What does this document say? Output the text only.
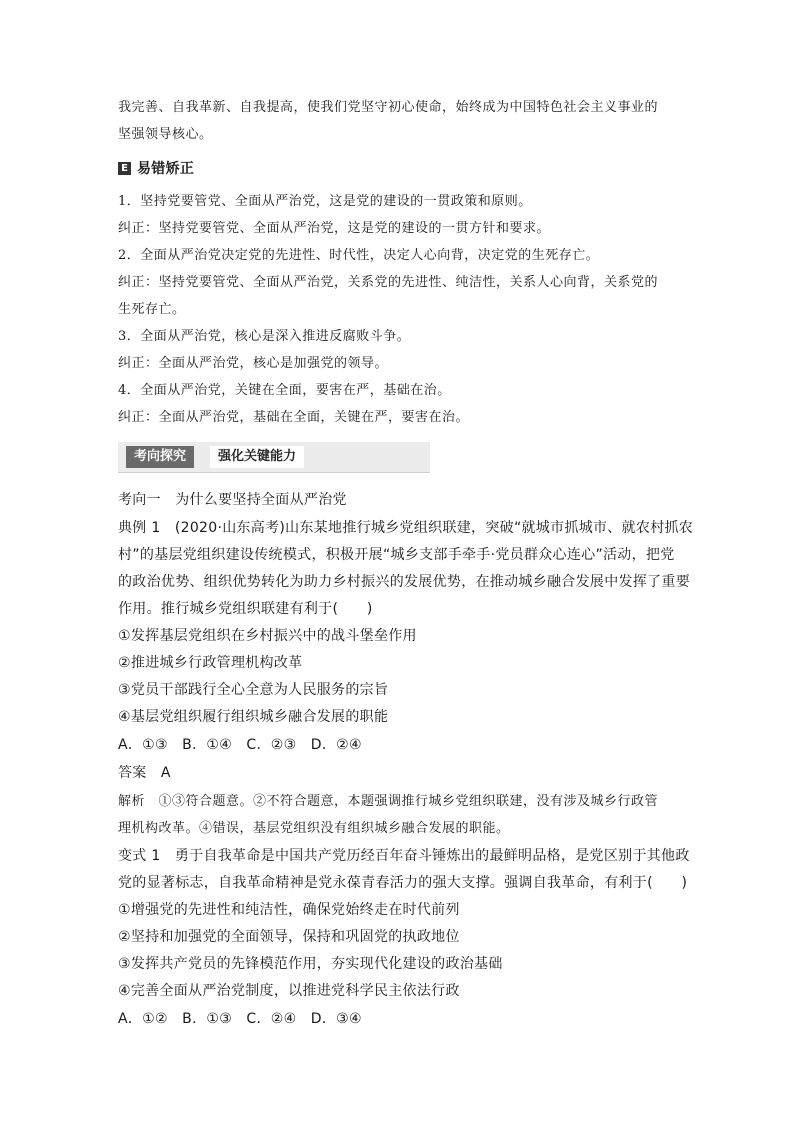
我完善、自我革新、自我提高，使我们党坚守初心使命，始终成为中国特色社会主义事业的
坚强领导核心。
E 易错矫正
1．坚持党要管党、全面从严治党，这是党的建设的一贯政策和原则。
纠正：坚持党要管党、全面从严治党，这是党的建设的一贯方针和要求。
2．全面从严治党决定党的先进性、时代性，决定人心向背，决定党的生死存亡。
纠正：坚持党要管党、全面从严治党，关系党的先进性、纯洁性，关系人心向背，关系党的
生死存亡。
3．全面从严治党，核心是深入推进反腐败斗争。
纠正：全面从严治党，核心是加强党的领导。
4．全面从严治党，关键在全面，要害在严，基础在治。
纠正：全面从严治党，基础在全面，关键在严，要害在治。
考向探究	强化关键能力
考向一　为什么要坚持全面从严治党
典例 1　(2020·山东高考)山东某地推行城乡党组织联建，突破“就城市抓城市、就农村抓农
村”的基层党组织建设传统模式，积极开展“城乡支部手牵手·党员群众心连心”活动，把党
的政治优势、组织优势转化为助力乡村振兴的发展优势，在推动城乡融合发展中发挥了重要
作用。推行城乡党组织联建有利于(　　)
①发挥基层党组织在乡村振兴中的战斗堡垒作用
②推进城乡行政管理机构改革
③党员干部践行全心全意为人民服务的宗旨
④基层党组织履行组织城乡融合发展的职能
A．①③　B．①④　C．②③　D．②④
答案　A
解析　①③符合题意。②不符合题意，本题强调推行城乡党组织联建，没有涉及城乡行政管
理机构改革。④错误，基层党组织没有组织城乡融合发展的职能。
变式 1　勇于自我革命是中国共产党历经百年奋斗锤炼出的最鲜明品格，是党区别于其他政
党的显著标志，自我革命精神是党永葆青春活力的强大支撑。强调自我革命，有利于(　　)
①增强党的先进性和纯洁性，确保党始终走在时代前列
②坚持和加强党的全面领导，保持和巩固党的执政地位
③发挥共产党员的先锋模范作用，夯实现代化建设的政治基础
④完善全面从严治党制度，以推进党科学民主依法行政
A．①②　B．①③　C．②④　D．③④
